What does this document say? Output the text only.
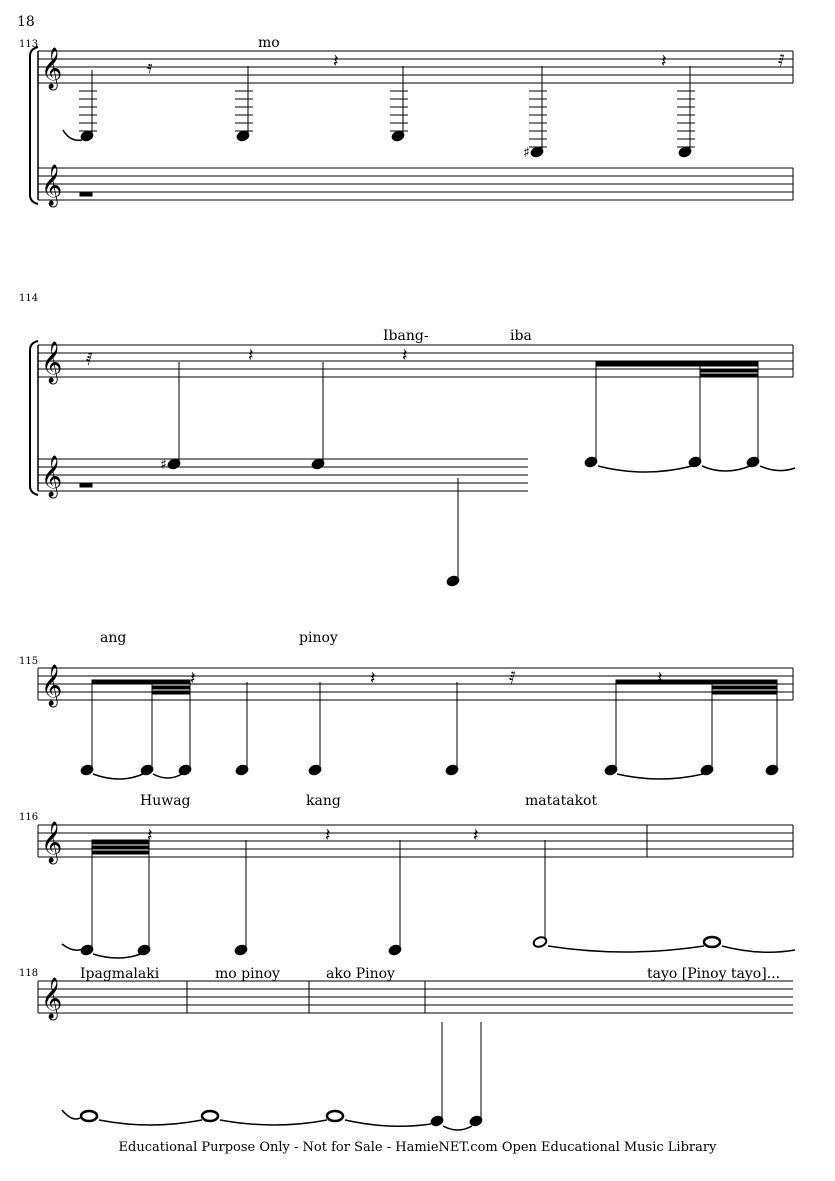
18
113
114
115
116
118
mo
Ibang-	iba
ang	pinoy
Huwag	kang	matatakot
Ipagmalaki	mo pinoy	ako Pinoy	tayo [Pinoy tayo]...
Educational Purpose Only - Not for Sale - HamieNET.com Open Educational Music Library
𝄞
𝄞
𝄞
𝄞
𝄞
𝄞
𝄞
𝄿	𝄽	𝄽	𝅀
𝅀	𝄽	𝄽
𝄽	𝄽	𝅀	𝄽
𝄽	𝄽	𝄽
♯
♯
